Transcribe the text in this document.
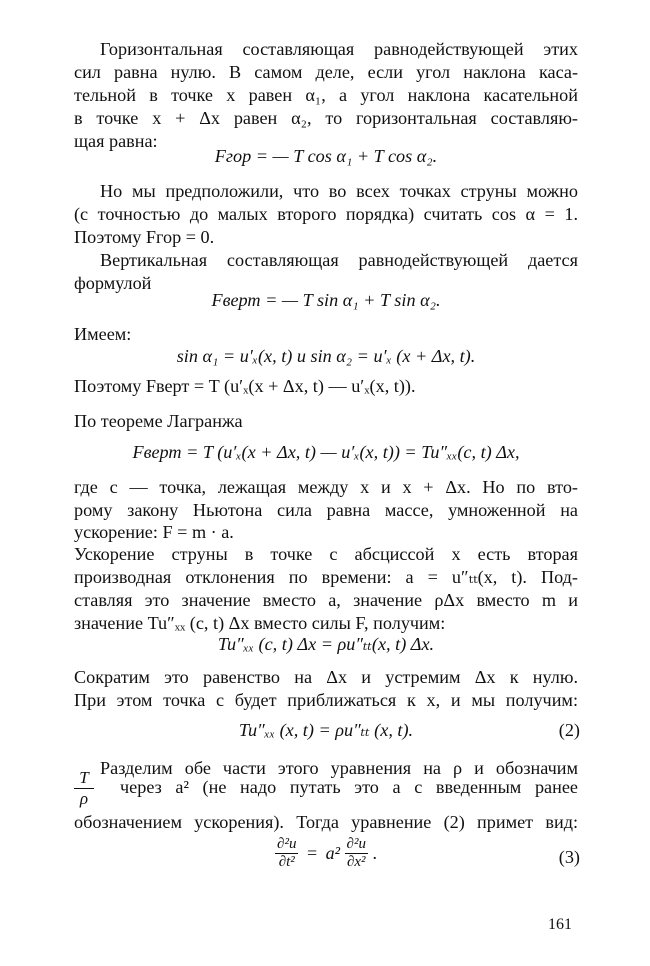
Горизонтальная составляющая равнодействующей этих
сил равна нулю. В самом деле, если угол наклона каса-
тельной в точке x равен α₁, а угол наклона касательной
в точке x + Δx равен α₂, то горизонтальная составляю-
щая равна:
Fгор = — T cos α₁ + T cos α₂.
Но мы предположили, что во всех точках струны можно
(с точностью до малых второго порядка) считать cos α = 1.
Поэтому Fгор = 0.
Вертикальная составляющая равнодействующей дается
формулой
Fверт = — T sin α₁ + T sin α₂.
Имеем:
sin α₁ = u′ₓ(x, t) и sin α₂ = u′ₓ (x + Δx, t).
Поэтому Fверт = T (u′ₓ(x + Δx, t) — u′ₓ(x, t)).
По теореме Лагранжа
Fверт = T (u′ₓ(x + Δx, t) — u′ₓ(x, t)) = Tu″ₓₓ(c, t) Δx,
где c — точка, лежащая между x и x + Δx. Но по вто-
рому закону Ньютона сила равна массе, умноженной на
ускорение: F = m · a.
Ускорение струны в точке с абсциссой x есть вторая
производная отклонения по времени: a = u″ₜₜ(x, t). Под-
ставляя это значение вместо a, значение ρΔx вместо m и
значение Tu″ₓₓ (c, t) Δx вместо силы F, получим:
Tu″ₓₓ (c, t) Δx = ρu″ₜₜ(x, t) Δx.
Сократим это равенство на Δx и устремим Δx к нулю.
При этом точка c будет приближаться к x, и мы получим:
Tu″ₓₓ (x, t) = ρu″ₜₜ (x, t).	(2)
Разделим обе части этого уравнения на ρ и обозначим
$\frac{T}{\rho}$ через a² (не надо путать это a с введенным ранее
обозначением ускорения). Тогда уравнение (2) примет вид:
$\frac{\text{∂²u}}{\text{∂t²}} = a^2 \frac{\text{∂²u}}{\text{∂x²}}$ .	(3)
161
